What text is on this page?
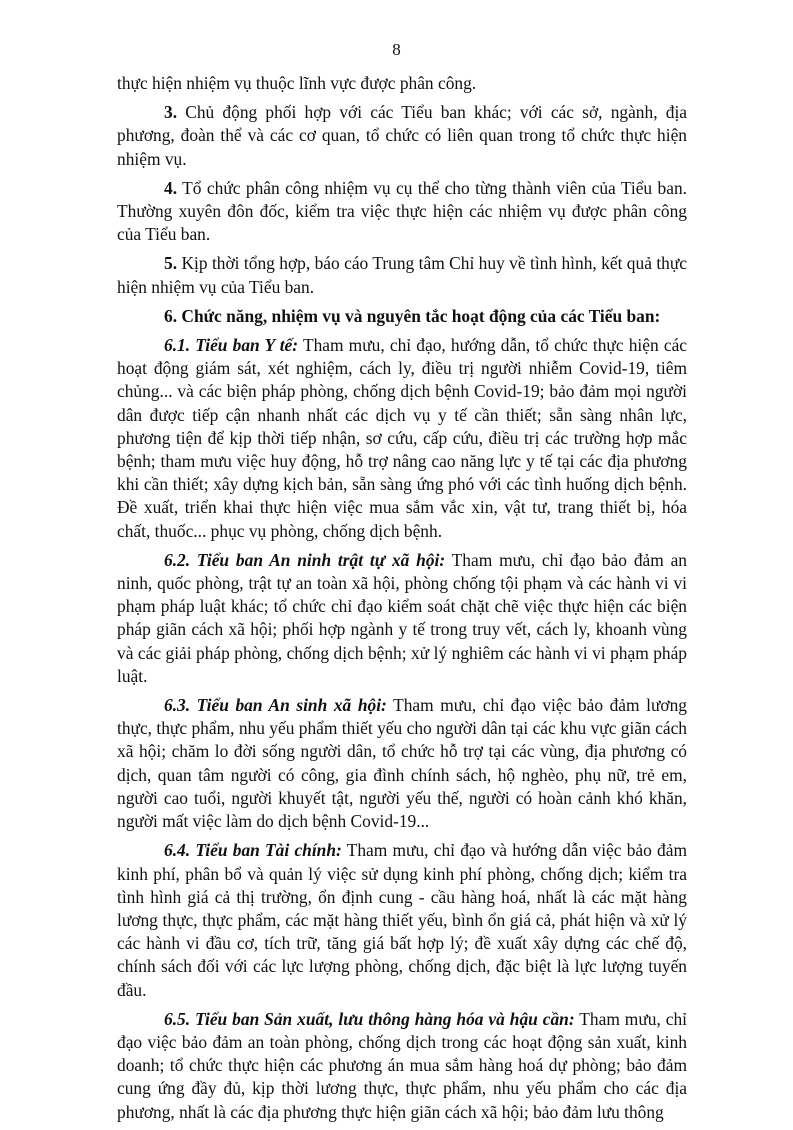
8

thực hiện nhiệm vụ thuộc lĩnh vực được phân công.

3. Chủ động phối hợp với các Tiểu ban khác; với các sở, ngành, địa phương, đoàn thể và các cơ quan, tổ chức có liên quan trong tổ chức thực hiện nhiệm vụ.

4. Tổ chức phân công nhiệm vụ cụ thể cho từng thành viên của Tiểu ban. Thường xuyên đôn đốc, kiểm tra việc thực hiện các nhiệm vụ được phân công của Tiểu ban.

5. Kịp thời tổng hợp, báo cáo Trung tâm Chỉ huy về tình hình, kết quả thực hiện nhiệm vụ của Tiểu ban.

6. Chức năng, nhiệm vụ và nguyên tắc hoạt động của các Tiểu ban:

6.1. Tiểu ban Y tế: Tham mưu, chỉ đạo, hướng dẫn, tổ chức thực hiện các hoạt động giám sát, xét nghiệm, cách ly, điều trị người nhiễm Covid-19, tiêm chủng... và các biện pháp phòng, chống dịch bệnh Covid-19; bảo đảm mọi người dân được tiếp cận nhanh nhất các dịch vụ y tế cần thiết; sẵn sàng nhân lực, phương tiện để kịp thời tiếp nhận, sơ cứu, cấp cứu, điều trị các trường hợp mắc bệnh; tham mưu việc huy động, hỗ trợ nâng cao năng lực y tế tại các địa phương khi cần thiết; xây dựng kịch bản, sẵn sàng ứng phó với các tình huống dịch bệnh. Đề xuất, triển khai thực hiện việc mua sắm vắc xin, vật tư, trang thiết bị, hóa chất, thuốc... phục vụ phòng, chống dịch bệnh.

6.2. Tiểu ban An ninh trật tự xã hội: Tham mưu, chỉ đạo bảo đảm an ninh, quốc phòng, trật tự an toàn xã hội, phòng chống tội phạm và các hành vi vi phạm pháp luật khác; tổ chức chỉ đạo kiểm soát chặt chẽ việc thực hiện các biện pháp giãn cách xã hội; phối hợp ngành y tế trong truy vết, cách ly, khoanh vùng và các giải pháp phòng, chống dịch bệnh; xử lý nghiêm các hành vi vi phạm pháp luật.

6.3. Tiểu ban An sinh xã hội: Tham mưu, chỉ đạo việc bảo đảm lương thực, thực phẩm, nhu yếu phẩm thiết yếu cho người dân tại các khu vực giãn cách xã hội; chăm lo đời sống người dân, tổ chức hỗ trợ tại các vùng, địa phương có dịch, quan tâm người có công, gia đình chính sách, hộ nghèo, phụ nữ, trẻ em, người cao tuổi, người khuyết tật, người yếu thế, người có hoàn cảnh khó khăn, người mất việc làm do dịch bệnh Covid-19...

6.4. Tiểu ban Tài chính: Tham mưu, chỉ đạo và hướng dẫn việc bảo đảm kinh phí, phân bổ và quản lý việc sử dụng kinh phí phòng, chống dịch; kiểm tra tình hình giá cả thị trường, ổn định cung - cầu hàng hoá, nhất là các mặt hàng lương thực, thực phẩm, các mặt hàng thiết yếu, bình ổn giá cả, phát hiện và xử lý các hành vi đầu cơ, tích trữ, tăng giá bất hợp lý; đề xuất xây dựng các chế độ, chính sách đối với các lực lượng phòng, chống dịch, đặc biệt là lực lượng tuyến đầu.

6.5. Tiểu ban Sản xuất, lưu thông hàng hóa và hậu cần: Tham mưu, chỉ đạo việc bảo đảm an toàn phòng, chống dịch trong các hoạt động sản xuất, kinh doanh; tổ chức thực hiện các phương án mua sắm hàng hoá dự phòng; bảo đảm cung ứng đầy đủ, kịp thời lương thực, thực phẩm, nhu yếu phẩm cho các địa phương, nhất là các địa phương thực hiện giãn cách xã hội; bảo đảm lưu thông
